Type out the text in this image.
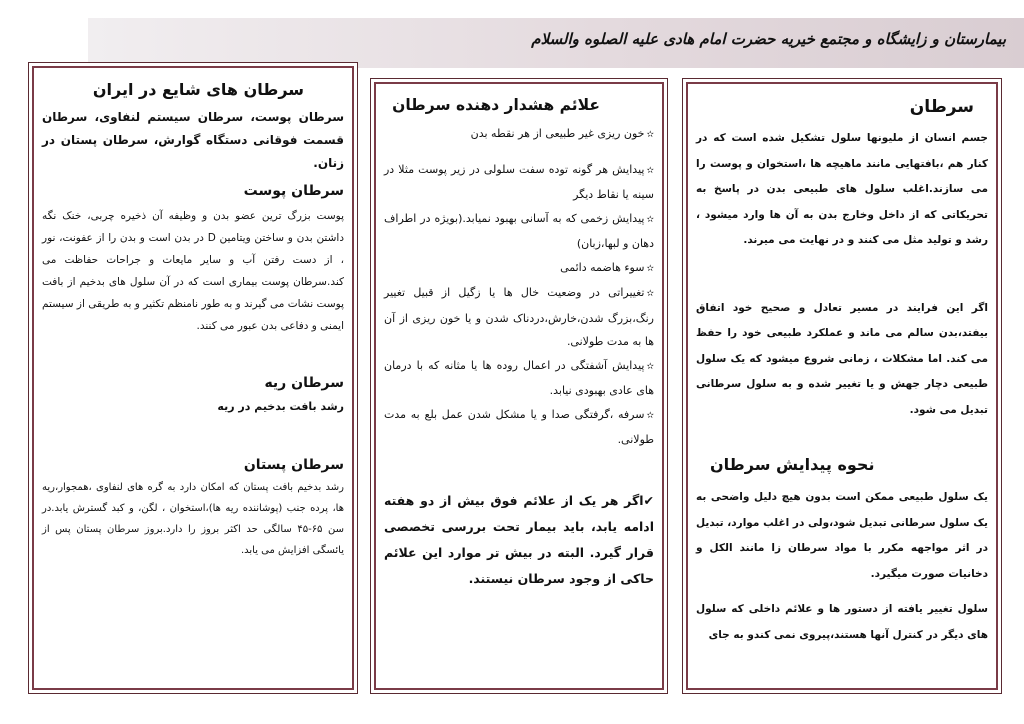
بیمارستان و زایشگاه و مجتمع خیریه حضرت امام هادی علیه الصلوه والسلام

سرطان

جسم انسان از ملیونها سلول تشکیل شده است که در کنار هم ،بافتهایی مانند ماهیچه ها ،استخوان و پوست را می سازند.اغلب سلول های طبیعی بدن در پاسخ به تحریکاتی که از داخل وخارج بدن به آن ها وارد میشود ، رشد و تولید مثل می کنند و در نهایت می میرند.

اگر این فرایند در مسیر تعادل و صحیح خود اتفاق بیفتد،بدن سالم می ماند و عملکرد طبیعی خود را حفظ می کند. اما مشکلات ، زمانی شروع میشود که یک سلول طبیعی دچار جهش و یا تغییر شده و به سلول سرطانی تبدیل می شود.

نحوه پیدایش سرطان

یک سلول طبیعی ممکن است بدون هیچ دلیل واضحی به یک سلول سرطانی تبدیل شود،ولی در اغلب موارد، تبدیل در اثر مواجهه مکرر با مواد سرطان زا مانند الکل و دخانیات صورت میگیرد.

سلول تغییر یافته از دستور ها و علائم داخلی که سلول های دیگر در کنترل آنها هستند،پیروی نمی کندو به جای

علائم هشدار دهنده سرطان

✫خون ریزی غیر طبیعی از هر نقطه بدن
✫پیدایش هر گونه توده سفت سلولی در زیر پوست مثلا در سینه یا نقاط دیگر
✫پیدایش زخمی که به آسانی بهبود نمیابد.(بویژه در اطراف دهان و لبها،زبان)
✫سوء هاضمه دائمی
✫تغییراتی در وضعیت خال ها یا زگیل از قبیل تغییر رنگ،بزرگ شدن،خارش،دردناک شدن و یا خون ریزی از آن ها به مدت طولانی.
✫پیدایش آشفتگی در اعمال روده ها یا مثانه که با درمان های عادی بهبودی نیابد.
✫سرفه ،گرفتگی صدا و یا مشکل شدن عمل بلع به مدت طولانی.
✔اگر هر یک از علائم فوق بیش از دو هفته ادامه یابد، باید بیمار تحت بررسی تخصصی قرار گیرد. البته در بیش تر موارد این علائم حاکی از وجود سرطان نیستند.

سرطان های شایع در ایران

سرطان پوست، سرطان سیستم لنفاوی، سرطان قسمت فوقانی دستگاه گوارش، سرطان پستان در زنان.

سرطان پوست

پوست بزرگ ترین عضو بدن و وظیفه آن ذخیره چربی، خنک نگه داشتن بدن و ساختن ویتامین D در بدن است و بدن را از عفونت، نور ، از دست رفتن آب و سایر مایعات و جراحات حفاظت می کند.سرطان پوست بیماری است که در آن سلول های بدخیم از بافت پوست نشات می گیرند و به طور نامنظم تکثیر و به طریقی از سیستم ایمنی و دفاعی بدن عبور می کنند.

سرطان ریه

رشد بافت بدخیم در ریه

سرطان پستان

رشد بدخیم بافت پستان که امکان دارد به گره های لنفاوی ،همجوار،ریه ها، پرده جنب (پوشاننده ریه ها)،استخوان ، لگن، و کبد گسترش یابد.در سن ۶۵-۴۵ سالگی حد اکثر بروز را دارد.بروز سرطان پستان پس از یائسگی افزایش می یابد.
